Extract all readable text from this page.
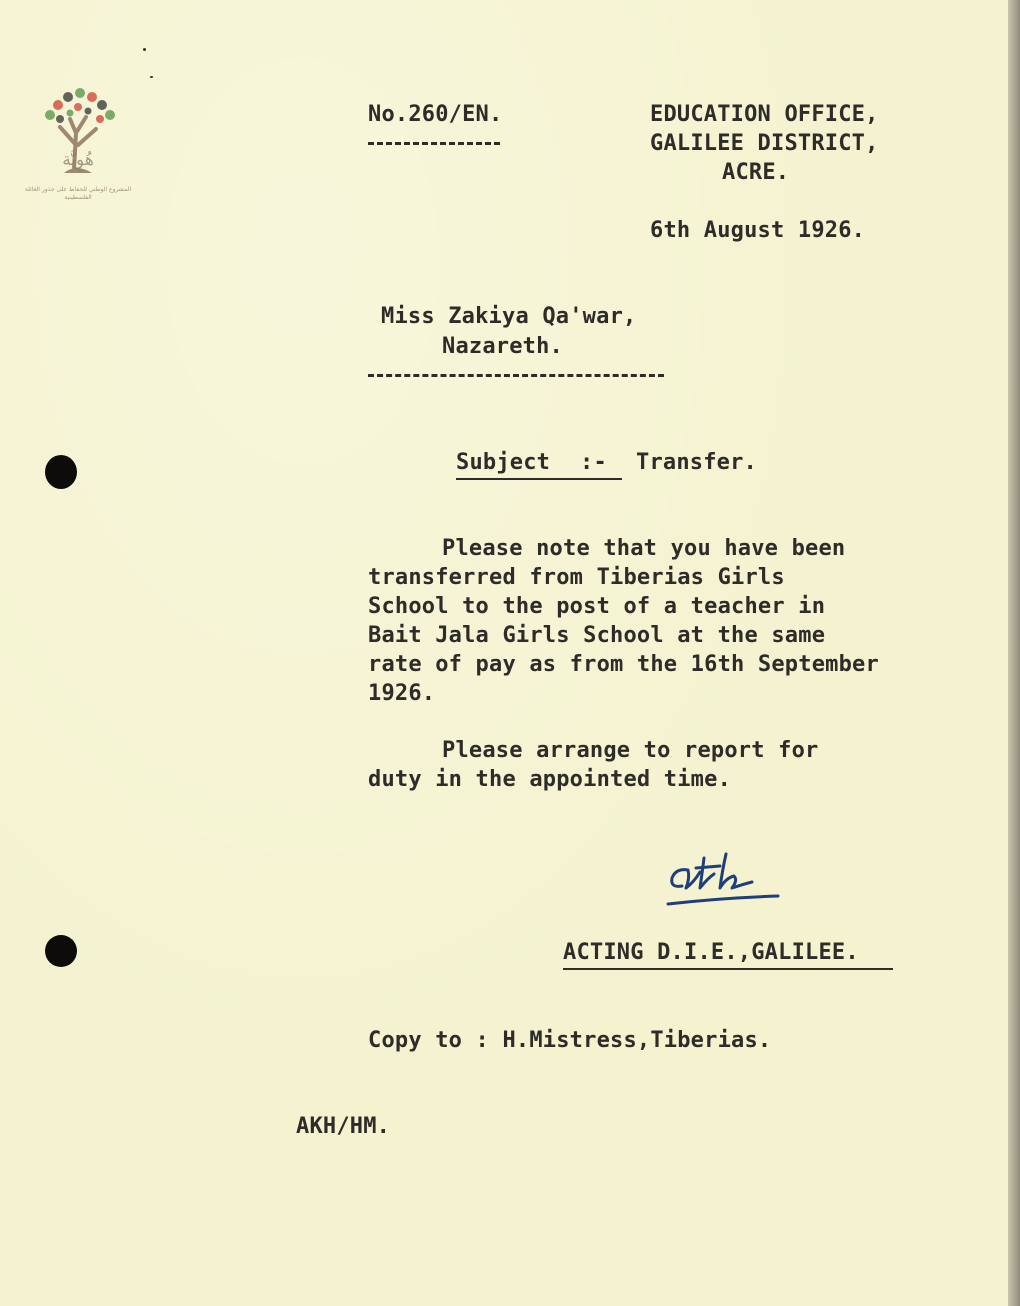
هُوِيَّة
المشروع الوطني للحفاظ على جذور العائلة الفلسطينية
No.260/EN.	EDUCATION OFFICE,
GALILEE DISTRICT,
ACRE.
6th August 1926.
Miss Zakiya Qa'war,
Nazareth.
Subject :- Transfer.
Please note that you have been
transferred from Tiberias Girls
School to the post of a teacher in
Bait Jala Girls School at the same
rate of pay as from the 16th September
1926.
Please arrange to report for
duty in the appointed time.
ACTING D.I.E.,GALILEE.
Copy to : H.Mistress,Tiberias.
AKH/HM.
